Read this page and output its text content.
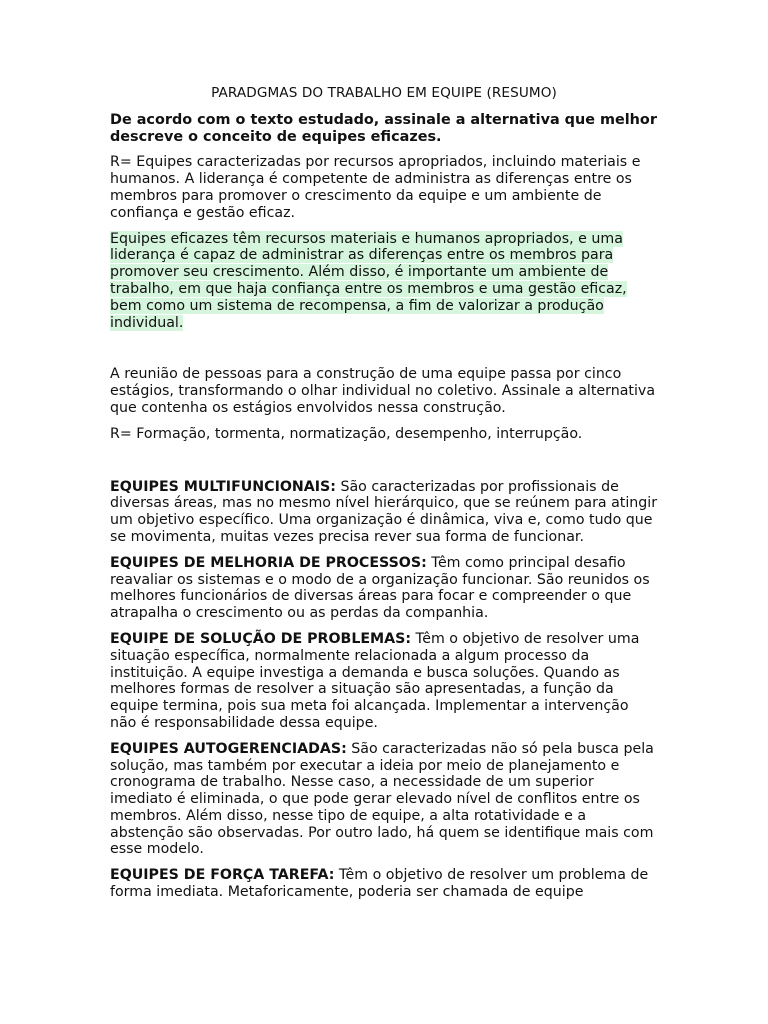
PARADGMAS DO TRABALHO EM EQUIPE (RESUMO)

De acordo com o texto estudado, assinale a alternativa que melhor descreve o conceito de equipes eficazes.

R= Equipes caracterizadas por recursos apropriados, incluindo materiais e humanos. A liderança é competente de administra as diferenças entre os membros para promover o crescimento da equipe e um ambiente de confiança e gestão eficaz.

Equipes eficazes têm recursos materiais e humanos apropriados, e uma liderança é capaz de administrar as diferenças entre os membros para promover seu crescimento. Além disso, é importante um ambiente de trabalho, em que haja confiança entre os membros e uma gestão eficaz, bem como um sistema de recompensa, a fim de valorizar a produção individual.

A reunião de pessoas para a construção de uma equipe passa por cinco estágios, transformando o olhar individual no coletivo. Assinale a alternativa que contenha os estágios envolvidos nessa construção.

R= Formação, tormenta, normatização, desempenho, interrupção.

EQUIPES MULTIFUNCIONAIS: São caracterizadas por profissionais de diversas áreas, mas no mesmo nível hierárquico, que se reúnem para atingir um objetivo específico. Uma organização é dinâmica, viva e, como tudo que se movimenta, muitas vezes precisa rever sua forma de funcionar.

EQUIPES DE MELHORIA DE PROCESSOS: Têm como principal desafio reavaliar os sistemas e o modo de a organização funcionar. São reunidos os melhores funcionários de diversas áreas para focar e compreender o que atrapalha o crescimento ou as perdas da companhia.

EQUIPE DE SOLUÇÃO DE PROBLEMAS: Têm o objetivo de resolver uma situação específica, normalmente relacionada a algum processo da instituição. A equipe investiga a demanda e busca soluções. Quando as melhores formas de resolver a situação são apresentadas, a função da equipe termina, pois sua meta foi alcançada. Implementar a intervenção não é responsabilidade dessa equipe.

EQUIPES AUTOGERENCIADAS: São caracterizadas não só pela busca pela solução, mas também por executar a ideia por meio de planejamento e cronograma de trabalho. Nesse caso, a necessidade de um superior imediato é eliminada, o que pode gerar elevado nível de conflitos entre os membros. Além disso, nesse tipo de equipe, a alta rotatividade e a abstenção são observadas. Por outro lado, há quem se identifique mais com esse modelo.

EQUIPES DE FORÇA TAREFA: Têm o objetivo de resolver um problema de forma imediata. Metaforicamente, poderia ser chamada de equipe
